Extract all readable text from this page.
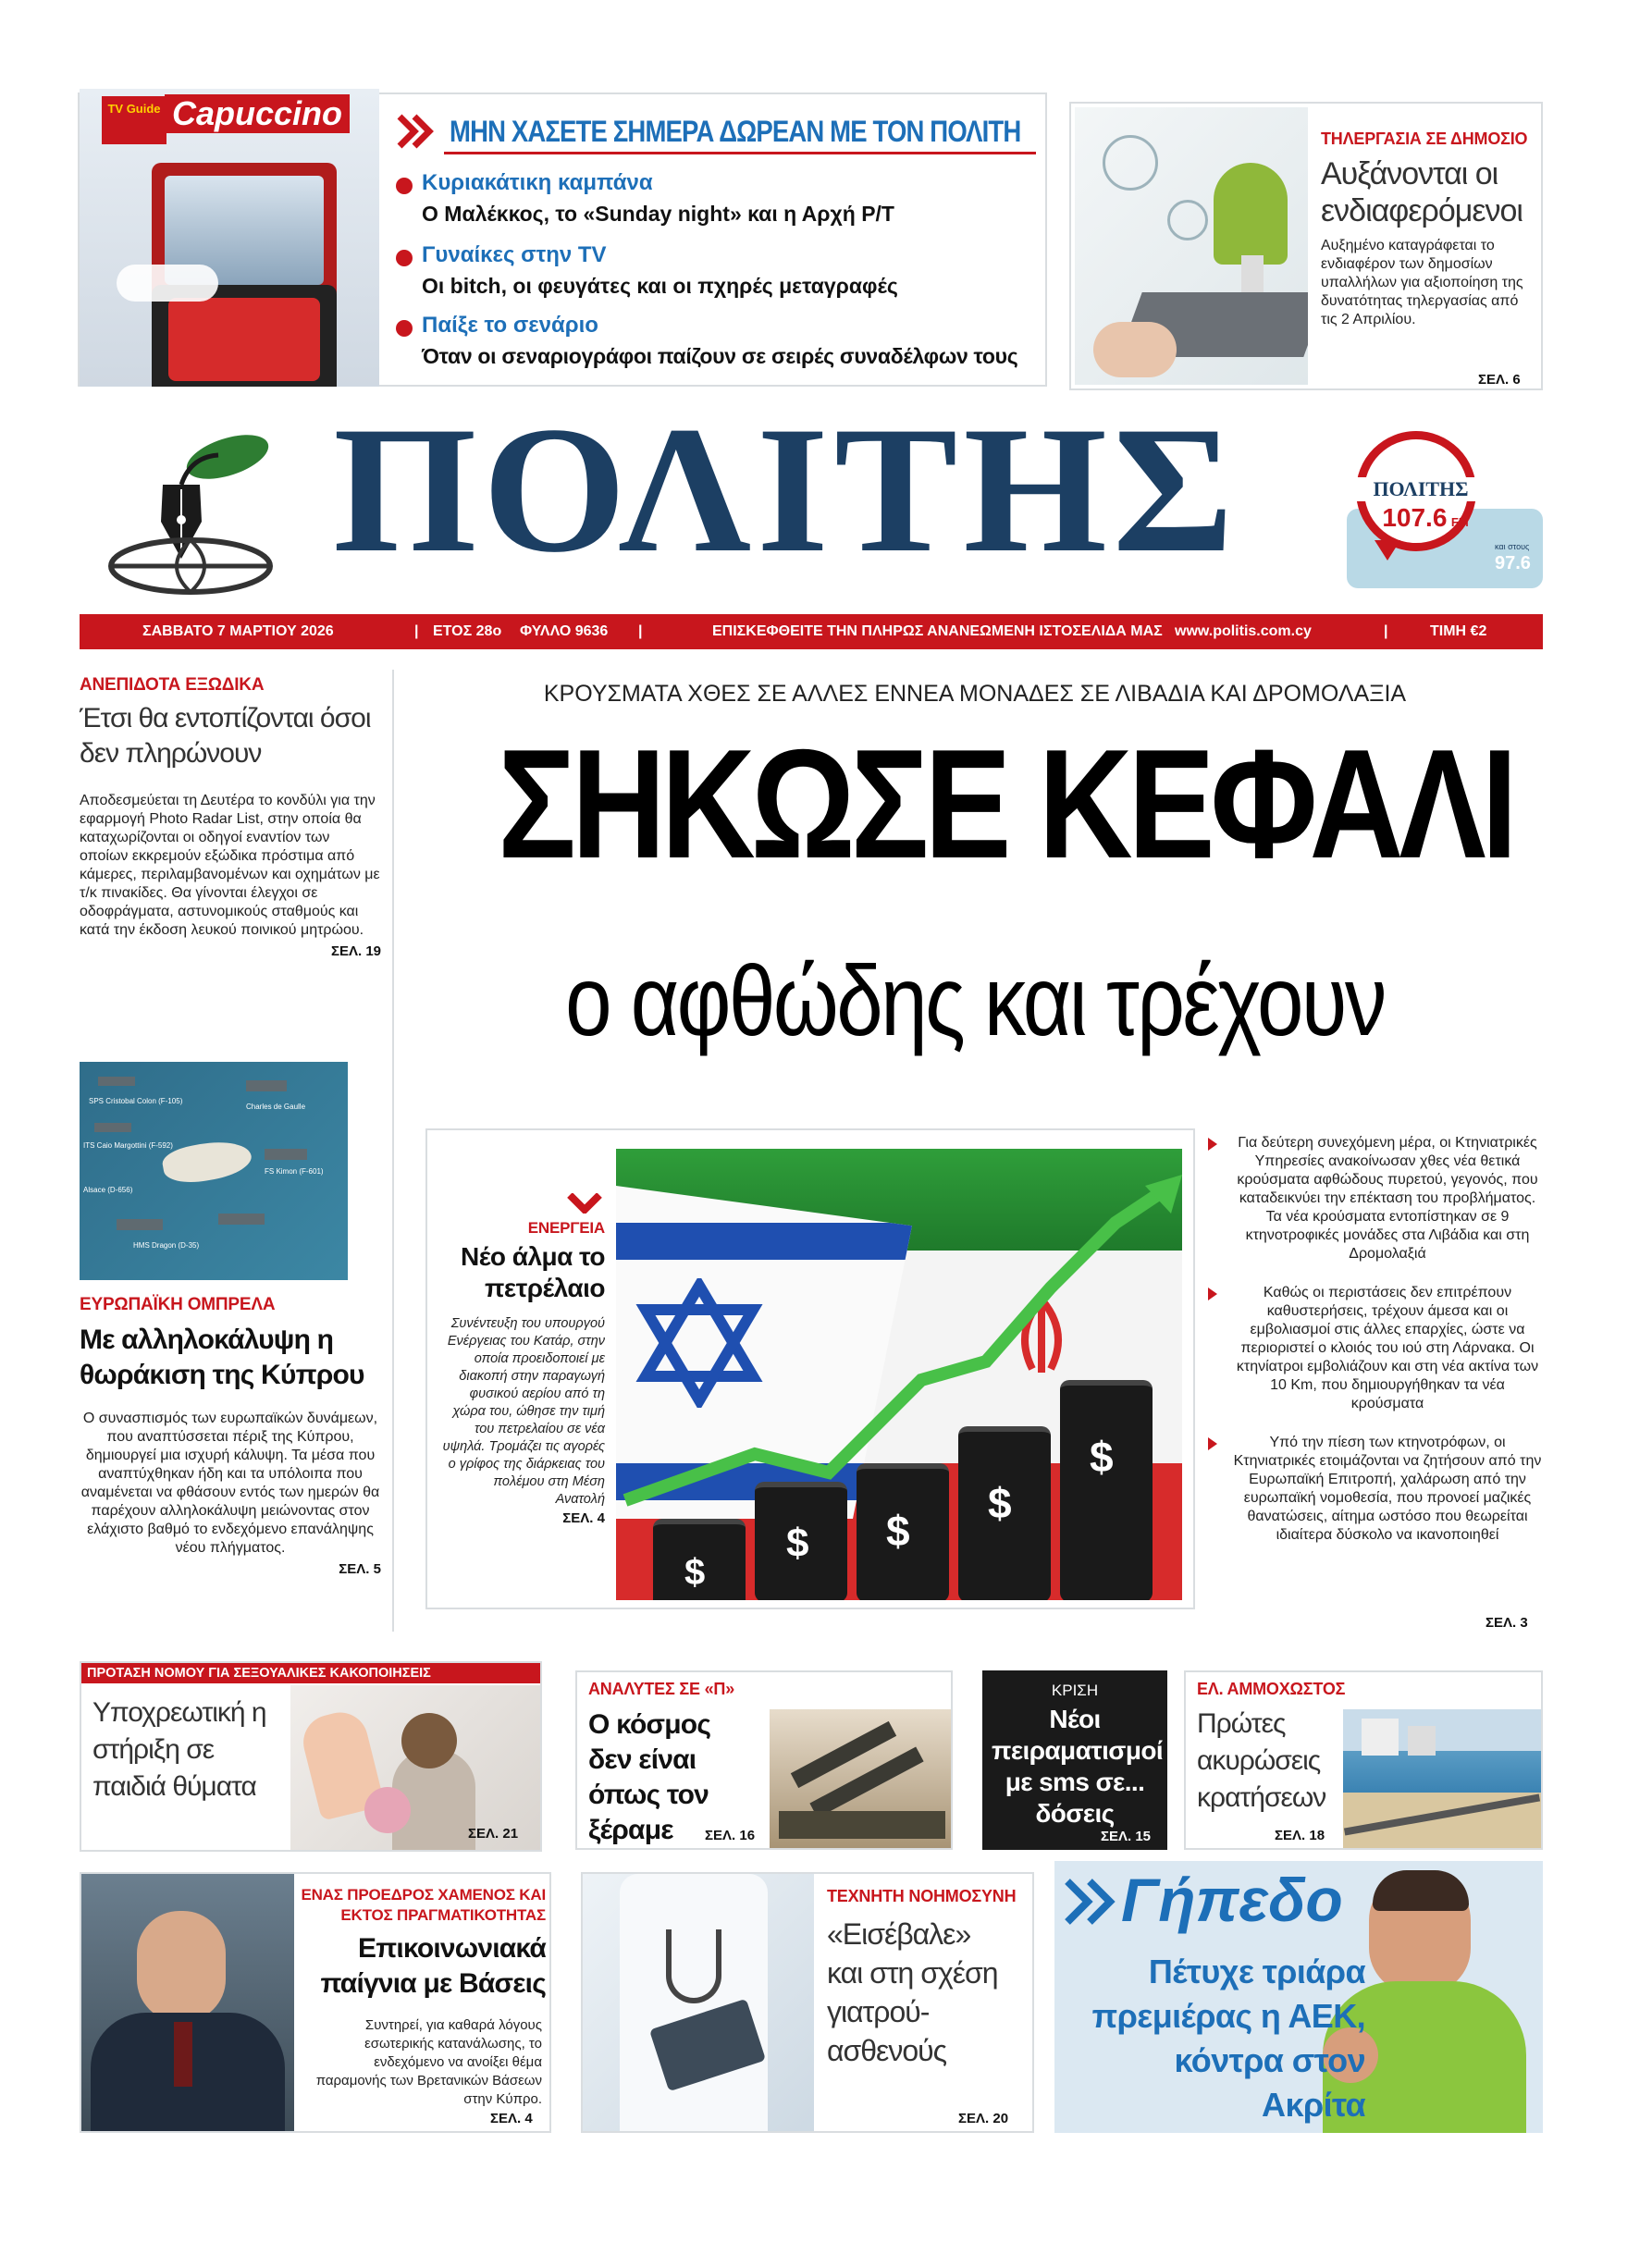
TV Guide Capuccino	ΜΗΝ ΧΑΣΕΤΕ ΣΗΜΕΡΑ ΔΩΡΕΑΝ ΜΕ ΤΟΝ ΠΟΛΙΤΗ
Κυριακάτικη καμπάνα
Ο Μαλέκκος, το «Sunday night» και η Αρχή Ρ/Τ
Γυναίκες στην TV
Οι bitch, οι φευγάτες και οι πχηρές μεταγραφές
Παίξε το σενάριο
Όταν οι σεναριογράφοι παίζουν σε σειρές συναδέλφων τους
ΤΗΛΕΡΓΑΣΙΑ ΣΕ ΔΗΜΟΣΙΟ
Αυξάνονται οι ενδιαφερόμενοι
Αυξημένο καταγράφεται το ενδιαφέρον των δημοσίων υπαλλήλων για αξιοποίηση της δυνατότητας τηλεργασίας από τις 2 Απριλίου.
ΣΕΛ. 6
ΠΟΛΙΤΗΣ	ΠΟΛΙΤΗΣ
107.6 FM
και στους
97.6
ΣΑΒΒΑΤΟ 7 ΜΑΡΤΙΟΥ 2026	| ΕΤΟΣ 28ο ΦΥΛΛΟ 9636 |	ΕΠΙΣΚΕΦΘΕΙΤΕ ΤΗΝ ΠΛΗΡΩΣ ΑΝΑΝΕΩΜΕΝΗ ΙΣΤΟΣΕΛΙΔΑ ΜΑΣ www.politis.com.cy	|	ΤΙΜΗ €2
ΑΝΕΠΙΔΟΤΑ ΕΞΩΔΙΚΑ
Έτσι θα εντοπίζονται όσοι δεν πληρώνουν
Αποδεσμεύεται τη Δευτέρα το κονδύλι για την εφαρμογή Photo Radar List, στην οποία θα καταχωρίζονται οι οδηγοί εναντίον των οποίων εκκρεμούν εξώδικα πρόστιμα από κάμερες, περιλαμβανομένων και οχημάτων με τ/κ πινακίδες. Θα γίνονται έλεγχοι σε οδοφράγματα, αστυνομικούς σταθμούς και κατά την έκδοση λευκού ποινικού μητρώου.
ΣΕΛ. 19
SPS Cristobal Colon (F-105)
Charles de Gaulle
ITS Caio Margottini (F-592)
Alsace (D-656)
FS Kimon (F-601)
HMS Dragon (D-35)
ΕΥΡΩΠΑΪΚΗ ΟΜΠΡΕΛΑ
Με αλληλοκάλυψη η θωράκιση της Κύπρου
Ο συνασπισμός των ευρωπαϊκών δυνάμεων, που αναπτύσσεται πέριξ της Κύπρου, δημιουργεί μια ισχυρή κάλυψη. Τα μέσα που αναπτύχθηκαν ήδη και τα υπόλοιπα που αναμένεται να φθάσουν εντός των ημερών θα παρέχουν αλληλοκάλυψη μειώνοντας στον ελάχιστο βαθμό το ενδεχόμενο επανάληψης νέου πλήγματος.
ΣΕΛ. 5
ΚΡΟΥΣΜΑΤΑ ΧΘΕΣ ΣΕ ΑΛΛΕΣ ΕΝΝΕΑ ΜΟΝΑΔΕΣ ΣΕ ΛΙΒΑΔΙΑ ΚΑΙ ΔΡΟΜΟΛΑΞΙΑ
ΣΗΚΩΣΕ ΚΕΦΑΛΙ
ο αφθώδης και τρέχουν
$
$ $
$
$
ΕΝΕΡΓΕΙΑ
Νέο άλμα το πετρέλαιο
Συνέντευξη του υπουργού Ενέργειας του Κατάρ, στην οποία προειδοποιεί με διακοπή στην παραγωγή φυσικού αερίου από τη χώρα του, ώθησε την τιμή του πετρελαίου σε νέα υψηλά. Τρομάζει τις αγορές ο γρίφος της διάρκειας του πολέμου στη Μέση Ανατολή
ΣΕΛ. 4
Για δεύτερη συνεχόμενη μέρα, οι Κτηνιατρικές Υπηρεσίες ανακοίνωσαν χθες νέα θετικά κρούσματα αφθώδους πυρετού, γεγονός, που καταδεικνύει την επέκταση του προβλήματος. Τα νέα κρούσματα εντοπίστηκαν σε 9 κτηνοτροφικές μονάδες στα Λιβάδια και στη Δρομολαξιά
Καθώς οι περιστάσεις δεν επιτρέπουν καθυστερήσεις, τρέχουν άμεσα και οι εμβολιασμοί στις άλλες επαρχίες, ώστε να περιοριστεί ο κλοιός του ιού στη Λάρνακα. Οι κτηνίατροι εμβολιάζουν και στη νέα ακτίνα των 10 Km, που δημιουργήθηκαν τα νέα κρούσματα
Υπό την πίεση των κτηνοτρόφων, οι Κτηνιατρικές ετοιμάζονται να ζητήσουν από την Ευρωπαϊκή Επιτροπή, χαλάρωση από την ευρωπαϊκή νομοθεσία, που προνοεί μαζικές θανατώσεις, αίτημα ωστόσο που θεωρείται ιδιαίτερα δύσκολο να ικανοποιηθεί
ΣΕΛ. 3
ΠΡΟΤΑΣΗ ΝΟΜΟΥ ΓΙΑ ΣΕΞΟΥΑΛΙΚΕΣ ΚΑΚΟΠΟΙΗΣΕΙΣ
Υποχρεωτική η στήριξη σε παιδιά θύματα
ΣΕΛ. 21
ΑΝΑΛΥΤΕΣ ΣΕ «Π»
Ο κόσμος δεν είναι όπως τον ξέραμε	ΣΕΛ. 16
ΚΡΙΣΗ
Νέοι πειραματισμοί με sms σε... δόσεις
ΣΕΛ. 15
ΕΛ. ΑΜΜΟΧΩΣΤΟΣ
Πρώτες ακυρώσεις κρατήσεων
ΣΕΛ. 18
ΕΝΑΣ ΠΡΟΕΔΡΟΣ ΧΑΜΕΝΟΣ ΚΑΙ ΕΚΤΟΣ ΠΡΑΓΜΑΤΙΚΟΤΗΤΑΣ
Επικοινωνιακά παίγνια με Βάσεις
Συντηρεί, για καθαρά λόγους εσωτερικής κατανάλωσης, το ενδεχόμενο να ανοίξει θέμα παραμονής των Βρετανικών Βάσεων στην Κύπρο.
ΣΕΛ. 4
ΤΕΧΝΗΤΗ ΝΟΗΜΟΣΥΝΗ
«Εισέβαλε» και στη σχέση γιατρού-ασθενούς
ΣΕΛ. 20
Γήπεδο
Πέτυχε τριάρα πρεμιέρας η ΑΕΚ, κόντρα στον Ακρίτα
